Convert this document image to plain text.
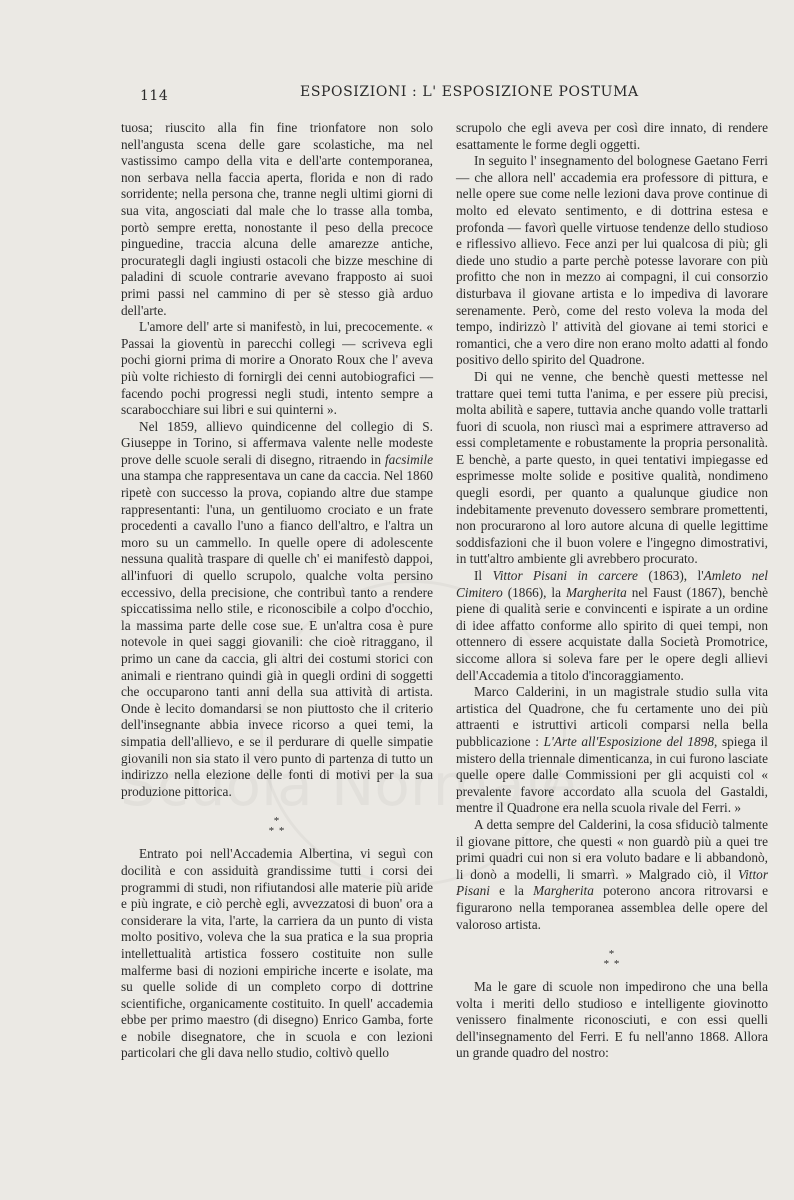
114	ESPOSIZIONI : L' ESPOSIZIONE POSTUMA

tuosa; riuscito alla fin fine trionfatore non solo nell'angusta scena delle gare scolastiche, ma nel vastissimo campo della vita e dell'arte contemporanea, non serbava nella faccia aperta, florida e non di rado sorridente; nella persona che, tranne negli ultimi giorni di sua vita, angosciati dal male che lo trasse alla tomba, portò sempre eretta, nonostante il peso della precoce pinguedine, traccia alcuna delle amarezze antiche, procurategli dagli ingiusti ostacoli che bizze meschine di paladini di scuole contrarie avevano frapposto ai suoi primi passi nel cammino di per sè stesso già arduo dell'arte.

L'amore dell' arte si manifestò, in lui, precocemente. « Passai la gioventù in parecchi collegi — scriveva egli pochi giorni prima di morire a Onorato Roux che l' aveva più volte richiesto di fornirgli dei cenni autobiografici — facendo pochi progressi negli studi, intento sempre a scarabocchiare sui libri e sui quinterni ».

Nel 1859, allievo quindicenne del collegio di S. Giuseppe in Torino, si affermava valente nelle modeste prove delle scuole serali di disegno, ritraendo in facsimile una stampa che rappresentava un cane da caccia. Nel 1860 ripetè con successo la prova, copiando altre due stampe rappresentanti: l'una, un gentiluomo crociato e un frate procedenti a cavallo l'uno a fianco dell'altro, e l'altra un moro su un cammello. In quelle opere di adolescente nessuna qualità traspare di quelle ch' ei manifestò dappoi, all'infuori di quello scrupolo, qualche volta persino eccessivo, della precisione, che contribuì tanto a rendere spiccatissima nello stile, e riconoscibile a colpo d'occhio, la massima parte delle cose sue. E un'altra cosa è pure notevole in quei saggi giovanili: che cioè ritraggano, il primo un cane da caccia, gli altri dei costumi storici con animali e rientrano quindi già in quegli ordini di soggetti che occuparono tanti anni della sua attività di artista. Onde è lecito domandarsi se non piuttosto che il criterio dell'insegnante abbia invece ricorso a quei temi, la simpatia dell'allievo, e se il perdurare di quelle simpatie giovanili non sia stato il vero punto di partenza di tutto un indirizzo nella elezione delle fonti di motivi per la sua produzione pittorica.

*
* *

Entrato poi nell'Accademia Albertina, vi seguì con docilità e con assiduità grandissime tutti i corsi dei programmi di studi, non rifiutandosi alle materie più aride e più ingrate, e ciò perchè egli, avvezzatosi di buon' ora a considerare la vita, l'arte, la carriera da un punto di vista molto positivo, voleva che la sua pratica e la sua propria intellettualità artistica fossero costituite non sulle malferme basi di nozioni empiriche incerte e isolate, ma su quelle solide di un completo corpo di dottrine scientifiche, organicamente costituito. In quell' accademia ebbe per primo maestro (di disegno) Enrico Gamba, forte e nobile disegnatore, che in scuola e con lezioni particolari che gli dava nello studio, coltivò quello

scrupolo che egli aveva per così dire innato, di rendere esattamente le forme degli oggetti.

In seguito l' insegnamento del bolognese Gaetano Ferri — che allora nell' accademia era professore di pittura, e nelle opere sue come nelle lezioni dava prove continue di molto ed elevato sentimento, e di dottrina estesa e profonda — favorì quelle virtuose tendenze dello studioso e riflessivo allievo. Fece anzi per lui qualcosa di più; gli diede uno studio a parte perchè potesse lavorare con più profitto che non in mezzo ai compagni, il cui consorzio disturbava il giovane artista e lo impediva di lavorare serenamente. Però, come del resto voleva la moda del tempo, indirizzò l' attività del giovane ai temi storici e romantici, che a vero dire non erano molto adatti al fondo positivo dello spirito del Quadrone.

Di qui ne venne, che benchè questi mettesse nel trattare quei temi tutta l'anima, e per essere più precisi, molta abilità e sapere, tuttavia anche quando volle trattarli fuori di scuola, non riuscì mai a esprimere attraverso ad essi completamente e robustamente la propria personalità. E benchè, a parte questo, in quei tentativi impiegasse ed esprimesse molte solide e positive qualità, nondimeno quegli esordi, per quanto a qualunque giudice non indebitamente prevenuto dovessero sembrare promettenti, non procurarono al loro autore alcuna di quelle legittime soddisfazioni che il buon volere e l'ingegno dimostrativi, in tutt'altro ambiente gli avrebbero procurato.

Il Vittor Pisani in carcere (1863), l'Amleto nel Cimitero (1866), la Margherita nel Faust (1867), benchè piene di qualità serie e convincenti e ispirate a un ordine di idee affatto conforme allo spirito di quei tempi, non ottennero di essere acquistate dalla Società Promotrice, siccome allora si soleva fare per le opere degli allievi dell'Accademia a titolo d'incoraggiamento.

Marco Calderini, in un magistrale studio sulla vita artistica del Quadrone, che fu certamente uno dei più attraenti e istruttivi articoli comparsi nella bella pubblicazione : L'Arte all'Esposizione del 1898, spiega il mistero della triennale dimenticanza, in cui furono lasciate quelle opere dalle Commissioni per gli acquisti col « prevalente favore accordato alla scuola del Gastaldi, mentre il Quadrone era nella scuola rivale del Ferri. »

A detta sempre del Calderini, la cosa sfiduciò talmente il giovane pittore, che questi « non guardò più a quei tre primi quadri cui non si era voluto badare e li abbandonò, li donò a modelli, li smarrì. » Malgrado ciò, il Vittor Pisani e la Margherita poterono ancora ritrovarsi e figurarono nella temporanea assemblea delle opere del valoroso artista.

*
* *

Ma le gare di scuole non impedirono che una bella volta i meriti dello studioso e intelligente giovinotto venissero finalmente riconosciuti, e con essi quelli dell'insegnamento del Ferri. E fu nell'anno 1868. Allora un grande quadro del nostro:
